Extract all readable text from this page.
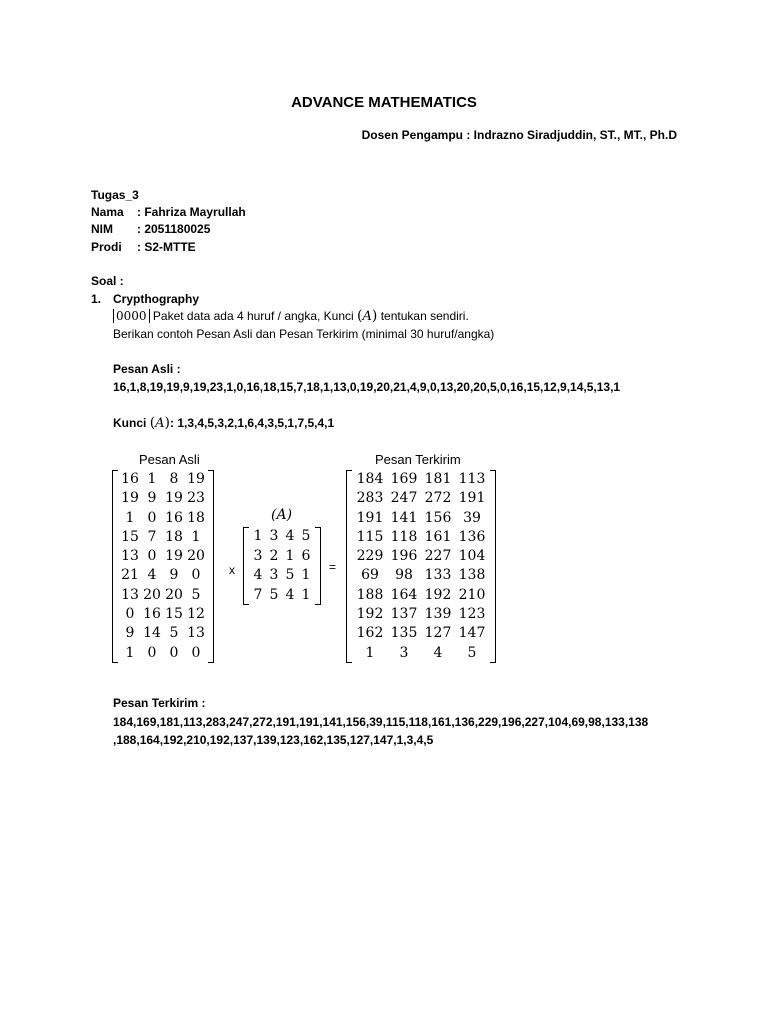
ADVANCE MATHEMATICS
Dosen Pengampu : Indrazno Siradjuddin, ST., MT., Ph.D
Tugas_3
Nama : Fahriza Mayrullah
NIM : 2051180025
Prodi : S2-MTTE
Soal :
1. Crypthography
0000 Paket data ada 4 huruf / angka, Kunci (A) tentukan sendiri.
Berikan contoh Pesan Asli dan Pesan Terkirim (minimal 30 huruf/angka)
Pesan Asli :
16,1,8,19,19,9,19,23,1,0,16,18,15,7,18,1,13,0,19,20,21,4,9,0,13,20,20,5,0,16,15,12,9,14,5,13,1
Kunci (A): 1,3,4,5,3,2,1,6,4,3,5,1,7,5,4,1
Pesan Asli
16	1	8	19
19	9	19	23
1	0	16	18
15	7	18	1
13	0	19	20
21	4	9	0
13	20	20	5
0	16	15	12
9	14	5	13
1	0	0	0
x
(A)
1	3	4	5
3	2	1	6
4	3	5	1
7	5	4	1
=
Pesan Terkirim
184	169	181	113
283	247	272	191
191	141	156	39
115	118	161	136
229	196	227	104
69	98	133	138
188	164	192	210
192	137	139	123
162	135	127	147
1	3	4	5
Pesan Terkirim :
184,169,181,113,283,247,272,191,191,141,156,39,115,118,161,136,229,196,227,104,69,98,133,138
,188,164,192,210,192,137,139,123,162,135,127,147,1,3,4,5
